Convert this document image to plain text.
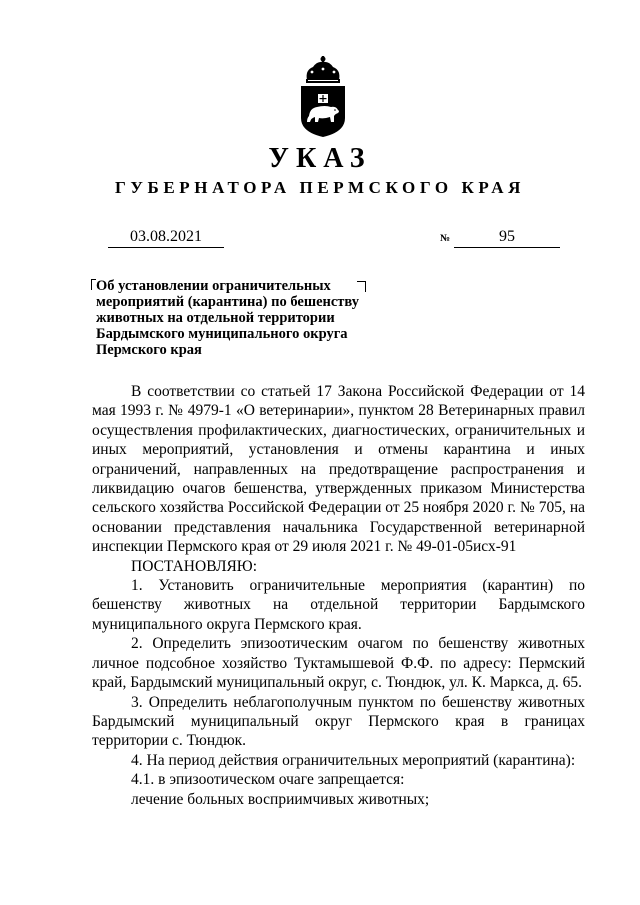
УКАЗ
ГУБЕРНАТОРА ПЕРМСКОГО КРАЯ
03.08.2021	№	95
Об установлении ограничительных мероприятий (карантина) по бешенству животных на отдельной территории Бардымского муниципального округа Пермского края

В соответствии со статьей 17 Закона Российской Федерации от 14 мая 1993 г. № 4979-1 «О ветеринарии», пунктом 28 Ветеринарных правил осуществления профилактических, диагностических, ограничительных и иных мероприятий, установления и отмены карантина и иных ограничений, направленных на предотвращение распространения и ликвидацию очагов бешенства, утвержденных приказом Министерства сельского хозяйства Российской Федерации от 25 ноября 2020 г. № 705, на основании представления начальника Государственной ветеринарной инспекции Пермского края от 29 июля 2021 г. № 49-01-05исх-91

ПОСТАНОВЛЯЮ:

1. Установить ограничительные мероприятия (карантин) по бешенству животных на отдельной территории Бардымского муниципального округа Пермского края.

2. Определить эпизоотическим очагом по бешенству животных личное подсобное хозяйство Туктамышевой Ф.Ф. по адресу: Пермский край, Бардымский муниципальный округ, с. Тюндюк, ул. К. Маркса, д. 65.

3. Определить неблагополучным пунктом по бешенству животных Бардымский муниципальный округ Пермского края в границах территории с. Тюндюк.

4. На период действия ограничительных мероприятий (карантина):

4.1. в эпизоотическом очаге запрещается:

лечение больных восприимчивых животных;
